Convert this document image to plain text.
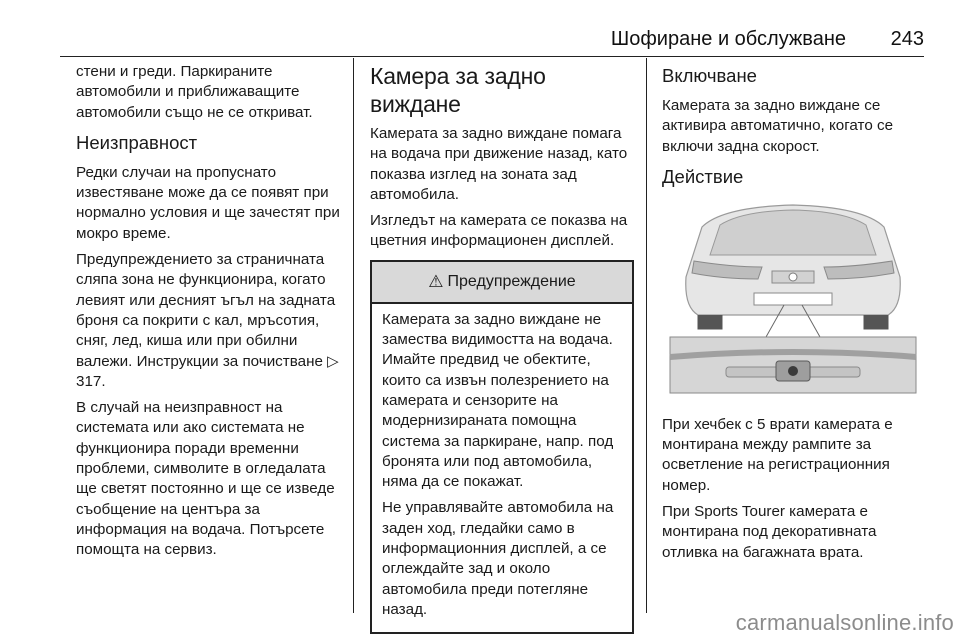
Шофиране и обслужване 243

стени и греди. Паркираните автомобили и приближаващите автомобили също не се откриват.

Неизправност

Редки случаи на пропуснато известяване може да се появят при нормално условия и ще зачестят при мокро време.

Предупреждението за страничната сляпа зона не функционира, когато левият или десният ъгъл на задната броня са покрити с кал, мръсотия, сняг, лед, киша или при обилни валежи. Инструкции за почистване ▷ 317.

В случай на неизправност на системата или ако системата не функционира поради временни проблеми, символите в огледалата ще светят постоянно и ще се изведе съобщение на центъра за информация на водача. Потърсете помощта на сервиз.

Камера за задно виждане

Камерата за задно виждане помага на водача при движение назад, като показва изглед на зоната зад автомобила.

Изгледът на камерата се показва на цветния информационен дисплей.

⚠ Предупреждение

Камерата за задно виждане не замества видимостта на водача. Имайте предвид че обектите, които са извън полезрението на камерата и сензорите на модернизираната помощна система за паркиране, напр. под бронята или под автомобила, няма да се покажат.

Не управлявайте автомобила на заден ход, гледайки само в информационния дисплей, а се оглеждайте зад и около автомобила преди потегляне назад.

Включване

Камерата за задно виждане се активира автоматично, когато се включи задна скорост.

Действие

При хечбек с 5 врати камерата е монтирана между рампите за осветление на регистрационния номер.

При Sports Tourer камерата е монтирана под декоративната отливка на багажната врата.

carmanualsonline.info
